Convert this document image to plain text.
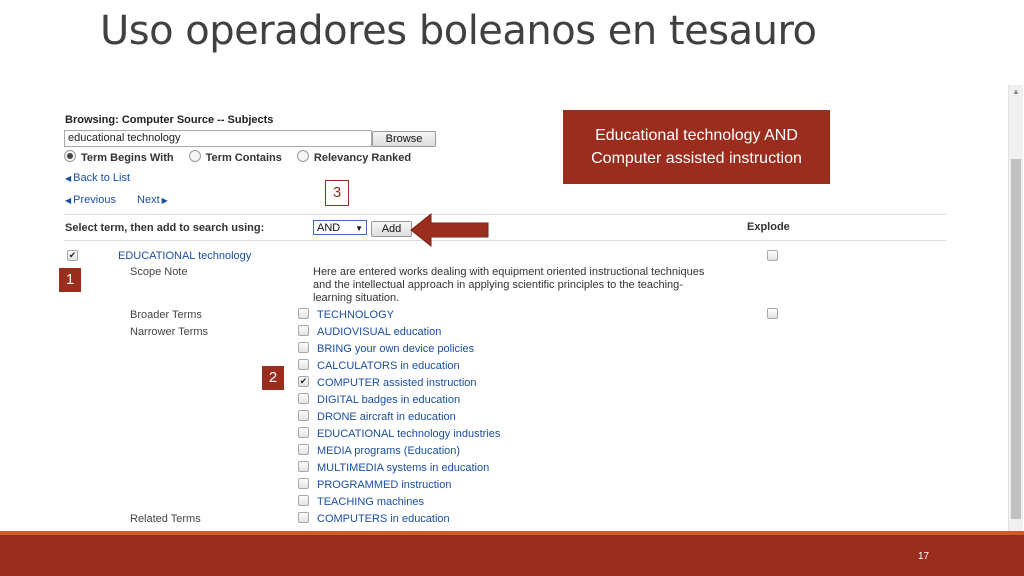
Uso operadores boleanos en tesauro
▲
Browsing: Computer Source -- Subjects
educational technology	Browse
Term Begins With	Term Contains	Relevancy Ranked
◀ Back to List
◀ Previous Next ▶
Select term, then add to search using:	AND ▼	Add	Explode
✔	EDUCATIONAL technology
Scope Note	Here are entered works dealing with equipment oriented instructional techniques and the intellectual approach in applying scientific principles to the teaching-learning situation.
Broader Terms	TECHNOLOGY
Narrower Terms	AUDIOVISUAL education
BRING your own device policies
CALCULATORS in education
✔ COMPUTER assisted instruction
DIGITAL badges in education
DRONE aircraft in education
EDUCATIONAL technology industries
MEDIA programs (Education)
MULTIMEDIA systems in education
PROGRAMMED instruction
TEACHING machines
Related Terms	COMPUTERS in education
Educational technology AND
Computer assisted instruction
1
2
3
17
